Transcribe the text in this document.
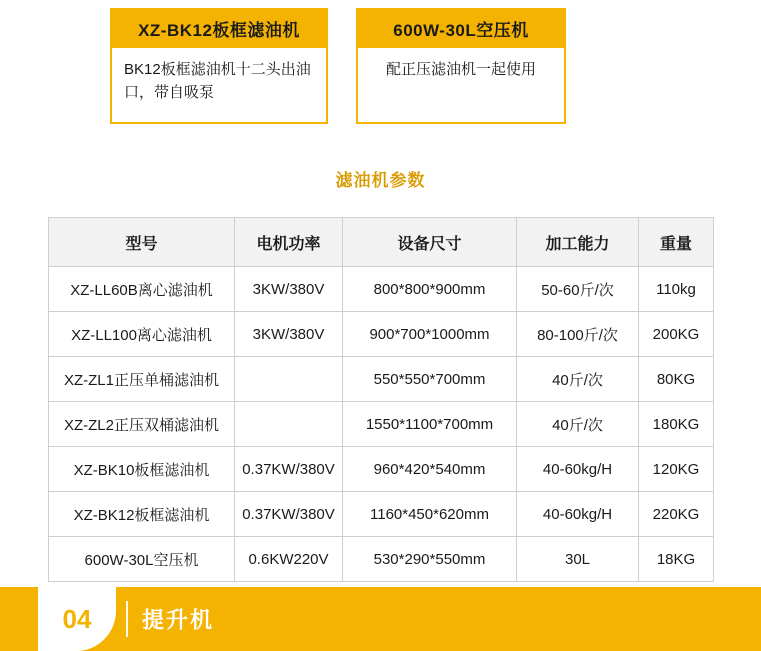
XZ-BK12板框滤油机
BK12板框滤油机十二头出油口，带自吸泵
600W-30L空压机
配正压滤油机一起使用
滤油机参数
型号	电机功率	设备尺寸	加工能力	重量
XZ-LL60B离心滤油机	3KW/380V	800*800*900mm	50-60斤/次	110kg
XZ-LL100离心滤油机	3KW/380V	900*700*1000mm	80-100斤/次	200KG
XZ-ZL1正压单桶滤油机		550*550*700mm	40斤/次	80KG
XZ-ZL2正压双桶滤油机		1550*1100*700mm	40斤/次	180KG
XZ-BK10板框滤油机	0.37KW/380V	960*420*540mm	40-60kg/H	120KG
XZ-BK12板框滤油机	0.37KW/380V	1160*450*620mm	40-60kg/H	220KG
600W-30L空压机	0.6KW220V	530*290*550mm	30L	18KG
04 提升机
